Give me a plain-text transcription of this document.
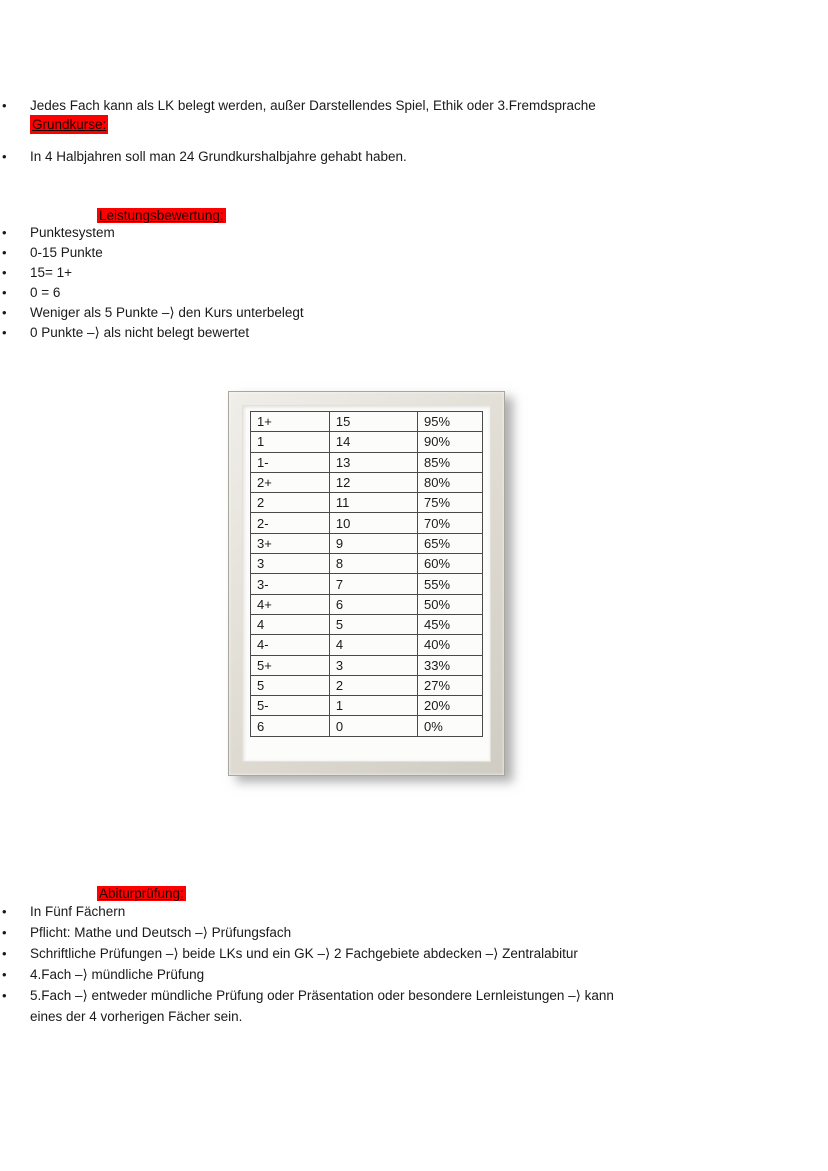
• Jedes Fach kann als LK belegt werden, außer Darstellendes Spiel, Ethik oder 3.Fremdsprache
Grundkurse:
• In 4 Halbjahren soll man 24 Grundkurshalbjahre gehabt haben.
Leistungsbewertung:
• Punktesystem
• 0-15 Punkte
• 15= 1+
• 0 = 6
• Weniger als 5 Punkte –⟩ den Kurs unterbelegt
• 0 Punkte –⟩ als nicht belegt bewertet
1+	15	95%
1	14	90%
1-	13	85%
2+	12	80%
2	11	75%
2-	10	70%
3+	9	65%
3	8	60%
3-	7	55%
4+	6	50%
4	5	45%
4-	4	40%
5+	3	33%
5	2	27%
5-	1	20%
6	0	0%
Abiturprüfung:
• In Fünf Fächern
• Pflicht: Mathe und Deutsch –⟩ Prüfungsfach
• Schriftliche Prüfungen –⟩ beide LKs und ein GK –⟩ 2 Fachgebiete abdecken –⟩ Zentralabitur
• 4.Fach –⟩ mündliche Prüfung
• 5.Fach –⟩ entweder mündliche Prüfung oder Präsentation oder besondere Lernleistungen –⟩ kann eines der 4 vorherigen Fächer sein.
